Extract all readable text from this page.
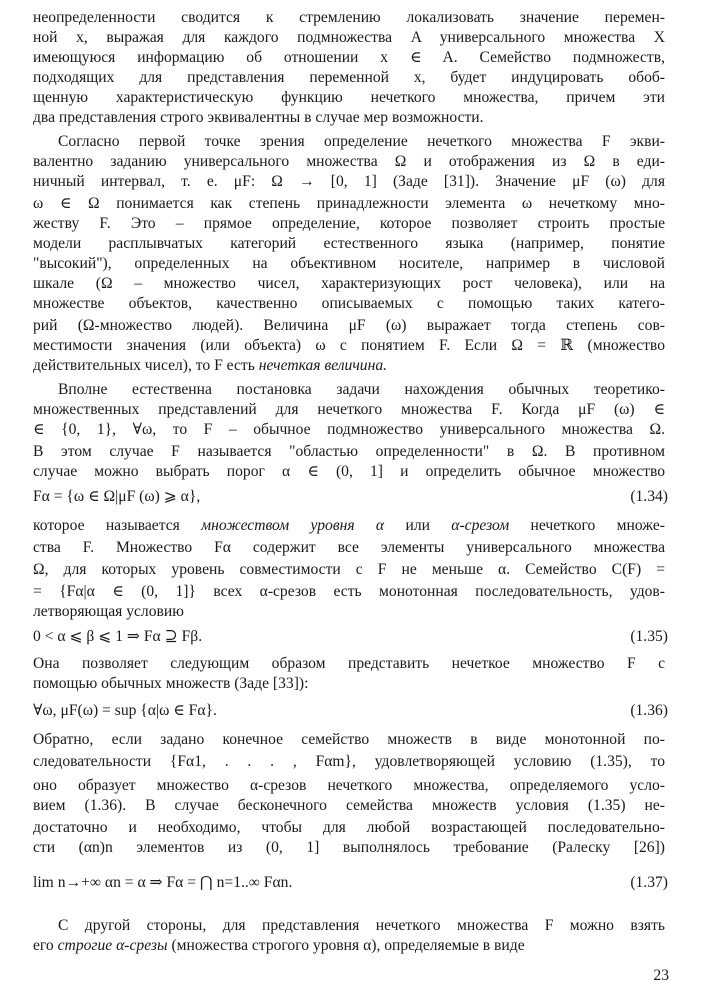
неопределенности сводится к стремлению локализовать значение перемен-
ной x, выражая для каждого подмножества A универсального множества X
имеющуюся информацию об отношении x ∈ A. Семейство подмножеств,
подходящих для представления переменной x, будет индуцировать обоб-
щенную характеристическую функцию нечеткого множества, причем эти
два представления строго эквивалентны в случае мер возможности.
Согласно первой точке зрения определение нечеткого множества F экви-
валентно заданию универсального множества Ω и отображения из Ω в еди-
ничный интервал, т. е. μF: Ω → [0, 1] (Заде [31]). Значение μF (ω) для
ω ∈ Ω понимается как степень принадлежности элемента ω нечеткому мно-
жеству F. Это – прямое определение, которое позволяет строить простые
модели расплывчатых категорий естественного языка (например, понятие
"высокий"), определенных на объективном носителе, например в числовой
шкале (Ω – множество чисел, характеризующих рост человека), или на
множестве объектов, качественно описываемых с помощью таких катего-
рий (Ω-множество людей). Величина μF (ω) выражает тогда степень сов-
местимости значения (или объекта) ω с понятием F. Если Ω = ℝ (множество
действительных чисел), то F есть нечеткая величина.
Вполне естественна постановка задачи нахождения обычных теоретико-
множественных представлений для нечеткого множества F. Когда μF (ω) ∈
∈ {0, 1}, ∀ω, то F – обычное подмножество универсального множества Ω.
В этом случае F называется "областью определенности" в Ω. В противном
случае можно выбрать порог α ∈ (0, 1] и определить обычное множество
Fα = {ω ∈ Ω|μF (ω) ⩾ α},	(1.34)
которое называется множеством уровня α или α-срезом нечеткого множе-
ства F. Множество Fα содержит все элементы универсального множества
Ω, для которых уровень совместимости с F не меньше α. Семейство C(F) =
= {Fα|α ∈ (0, 1]} всех α-срезов есть монотонная последовательность, удов-
летворяющая условию
0 < α ⩽ β ⩽ 1 ⇒ Fα ⊇ Fβ.	(1.35)
Она позволяет следующим образом представить нечеткое множество F с
помощью обычных множеств (Заде [33]):
∀ω, μF(ω) = sup {α|ω ∈ Fα}.	(1.36)
Обратно, если задано конечное семейство множеств в виде монотонной по-
следовательности {Fα1, . . . , Fαm}, удовлетворяющей условию (1.35), то
оно образует множество α-срезов нечеткого множества, определяемого усло-
вием (1.36). В случае бесконечного семейства множеств условия (1.35) не-
достаточно и необходимо, чтобы для любой возрастающей последовательно-
сти (αn)n элементов из (0, 1] выполнялось требование (Ралеску [26])
lim n→+∞ αn = α ⇒ Fα = ⋂ n=1..∞ Fαn.	(1.37)
С другой стороны, для представления нечеткого множества F можно взять
его строгие α-срезы (множества строгого уровня α), определяемые в виде
23
